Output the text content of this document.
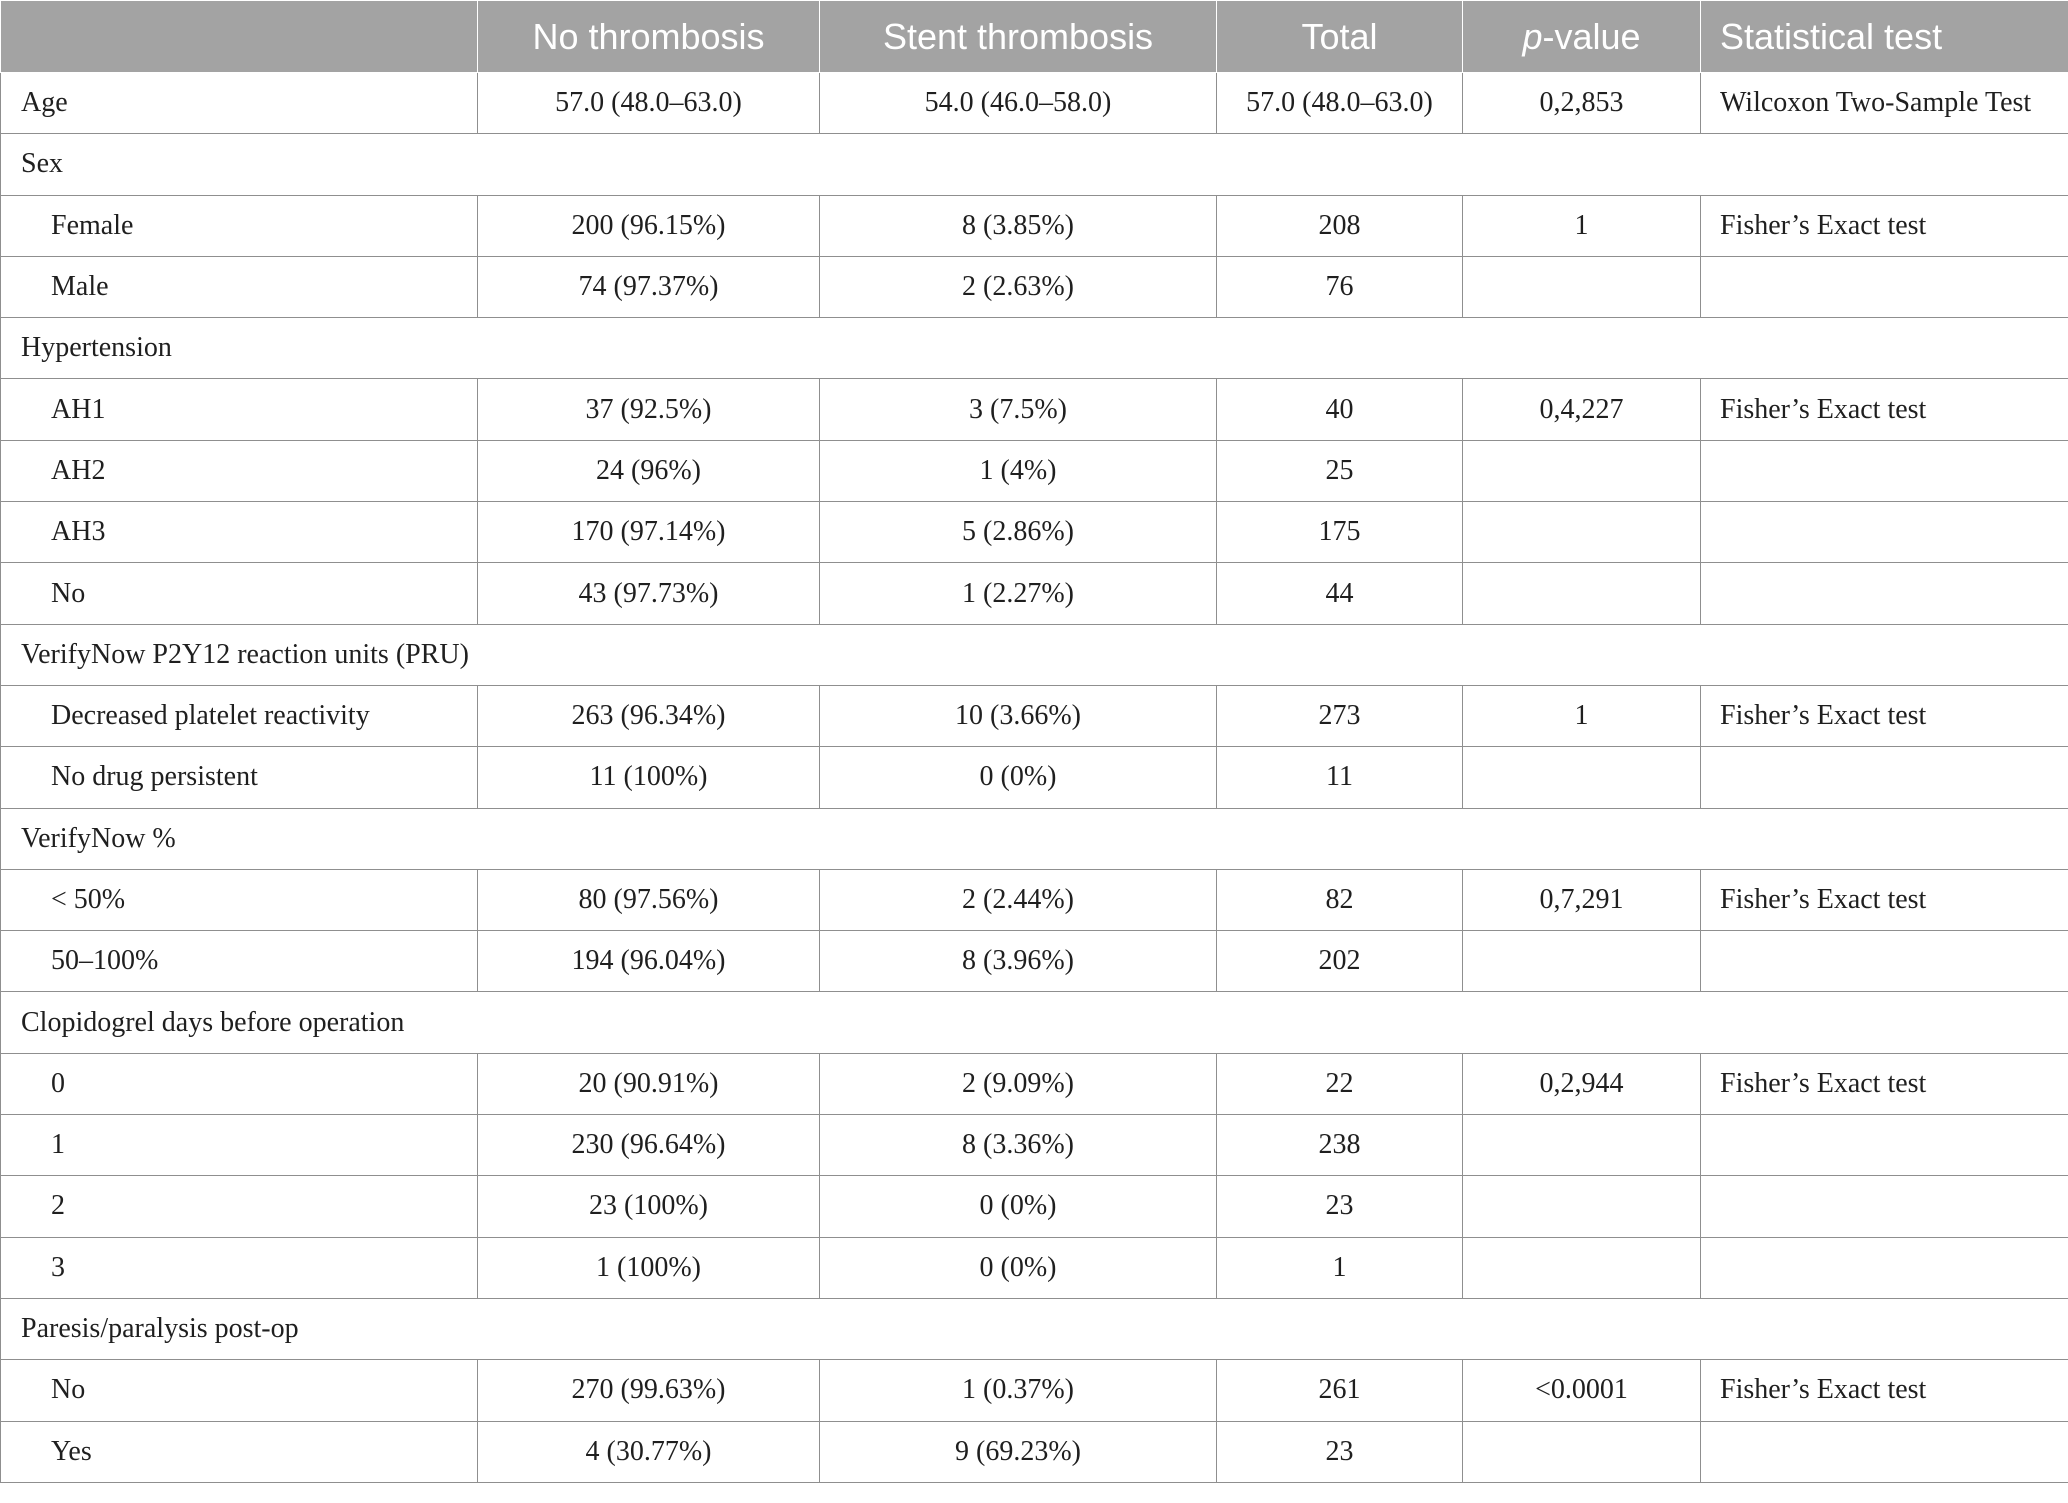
	No thrombosis	Stent thrombosis	Total	p-value	Statistical test
Age	57.0 (48.0–63.0)	54.0 (46.0–58.0)	57.0 (48.0–63.0)	0,2,853	Wilcoxon Two-Sample Test
Sex					
Female	200 (96.15%)	8 (3.85%)	208	1	Fisher’s Exact test
Male	74 (97.37%)	2 (2.63%)	76		
Hypertension					
AH1	37 (92.5%)	3 (7.5%)	40	0,4,227	Fisher’s Exact test
AH2	24 (96%)	1 (4%)	25		
AH3	170 (97.14%)	5 (2.86%)	175		
No	43 (97.73%)	1 (2.27%)	44		
VerifyNow P2Y12 reaction units (PRU)					
Decreased platelet reactivity	263 (96.34%)	10 (3.66%)	273	1	Fisher’s Exact test
No drug persistent	11 (100%)	0 (0%)	11		
VerifyNow %					
< 50%	80 (97.56%)	2 (2.44%)	82	0,7,291	Fisher’s Exact test
50–100%	194 (96.04%)	8 (3.96%)	202		
Clopidogrel days before operation					
0	20 (90.91%)	2 (9.09%)	22	0,2,944	Fisher’s Exact test
1	230 (96.64%)	8 (3.36%)	238		
2	23 (100%)	0 (0%)	23		
3	1 (100%)	0 (0%)	1		
Paresis/paralysis post-op					
No	270 (99.63%)	1 (0.37%)	261	<0.0001	Fisher’s Exact test
Yes	4 (30.77%)	9 (69.23%)	23		
